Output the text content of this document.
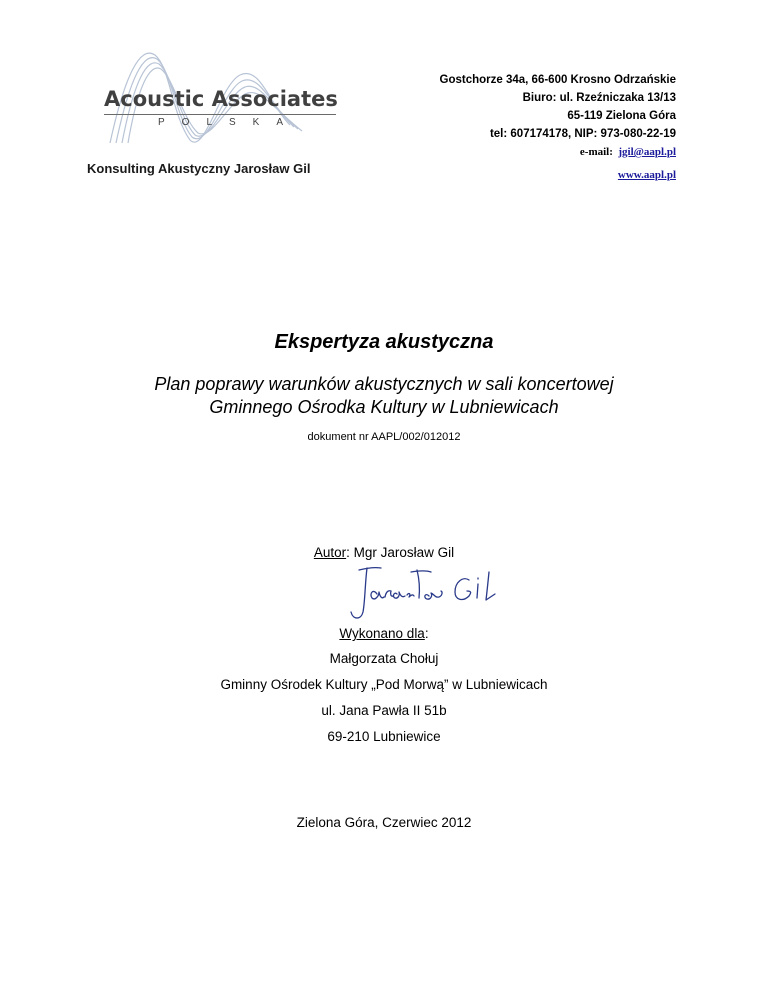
Acoustic Associates
POLSKA
Konsulting Akustyczny Jarosław Gil
Gostchorze 34a, 66-600 Krosno Odrzańskie
Biuro: ul. Rzeźniczaka 13/13
65-119 Zielona Góra
tel: 607174178, NIP: 973-080-22-19
e-mail: jgil@aapl.pl
www.aapl.pl
Ekspertyza akustyczna
Plan poprawy warunków akustycznych w sali koncertowej
Gminnego Ośrodka Kultury w Lubniewicach
dokument nr AAPL/002/012012
Autor: Mgr Jarosław Gil
Wykonano dla:
Małgorzata Chołuj
Gminny Ośrodek Kultury „Pod Morwą” w Lubniewicach
ul. Jana Pawła II 51b
69-210 Lubniewice
Zielona Góra, Czerwiec 2012
